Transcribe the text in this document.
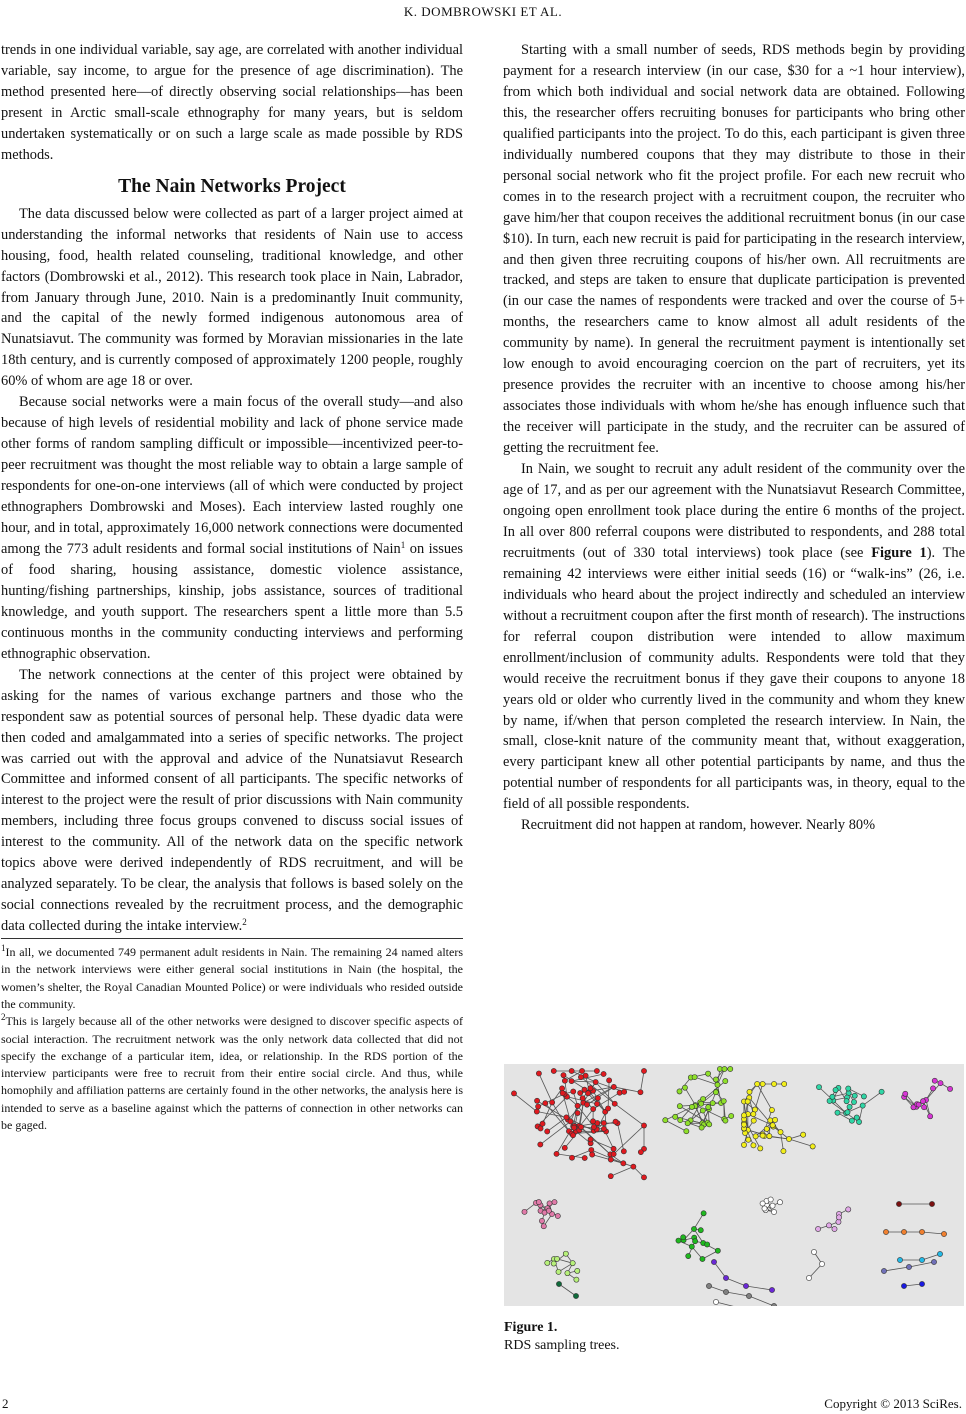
K. DOMBROWSKI ET AL.

trends in one individual variable, say age, are correlated with another individual variable, say income, to argue for the presence of age discrimination). The method presented here—of directly observing social relationships—has been present in Arctic small-scale ethnography for many years, but is seldom undertaken systematically or on such a large scale as made possible by RDS methods.

The Nain Networks Project

The data discussed below were collected as part of a larger project aimed at understanding the informal networks that residents of Nain use to access housing, food, health related counseling, traditional knowledge, and other factors (Dombrowski et al., 2012). This research took place in Nain, Labrador, from January through June, 2010. Nain is a predominantly Inuit community, and the capital of the newly formed indigenous autonomous area of Nunatsiavut. The community was formed by Moravian missionaries in the late 18th century, and is currently composed of approximately 1200 people, roughly 60% of whom are age 18 or over.

Because social networks were a main focus of the overall study—and also because of high levels of residential mobility and lack of phone service made other forms of random sampling difficult or impossible—incentivized peer-to-peer recruitment was thought the most reliable way to obtain a large sample of respondents for one-on-one interviews (all of which were conducted by project ethnographers Dombrowski and Moses). Each interview lasted roughly one hour, and in total, approximately 16,000 network connections were documented among the 773 adult residents and formal social institutions of Nain$^1$ on issues of food sharing, housing assistance, domestic violence assistance, hunting/fishing partnerships, kinship, jobs assistance, sources of traditional knowledge, and youth support. The researchers spent a little more than 5.5 continuous months in the community conducting interviews and performing ethnographic observation.

The network connections at the center of this project were obtained by asking for the names of various exchange partners and those who the respondent saw as potential sources of personal help. These dyadic data were then coded and amalgammated into a series of specific networks. The project was carried out with the approval and advice of the Nunatsiavut Research Committee and informed consent of all participants. The specific networks of interest to the project were the result of prior discussions with Nain community members, including three focus groups convened to discuss social issues of interest to the community. All of the network data on the specific network topics above were derived independently of RDS recruitment, and will be analyzed separately. To be clear, the analysis that follows is based solely on the social connections revealed by the recruitment process, and the demographic data collected during the intake interview.$^2$

$^1$In all, we documented 749 permanent adult residents in Nain. The remaining 24 named alters in the network interviews were either general social institutions in Nain (the hospital, the women’s shelter, the Royal Canadian Mounted Police) or were individuals who resided outside the community.

$^2$This is largely because all of the other networks were designed to discover specific aspects of social interaction. The recruitment network was the only network data collected that did not specify the exchange of a particular item, idea, or relationship. In the RDS portion of the interview participants were free to recruit from their entire social circle. And thus, while homophily and affiliation patterns are certainly found in the other networks, the analysis here is intended to serve as a baseline against which the patterns of connection in other networks can be gaged.

Starting with a small number of seeds, RDS methods begin by providing payment for a research interview (in our case, $30 for a ~1 hour interview), from which both individual and social network data are obtained. Following this, the researcher offers recruiting bonuses for participants who bring other qualified participants into the project. To do this, each participant is given three individually numbered coupons that they may distribute to those in their personal social network who fit the project profile. For each new recruit who comes in to the research project with a recruitment coupon, the recruiter who gave him/her that coupon receives the additional recruitment bonus (in our case $10). In turn, each new recruit is paid for participating in the research interview, and then given three recruiting coupons of his/her own. All recruitments are tracked, and steps are taken to ensure that duplicate participation is prevented (in our case the names of respondents were tracked and over the course of 5+ months, the researchers came to know almost all adult residents of the community by name). In general the recruitment payment is intentionally set low enough to avoid encouraging coercion on the part of recruiters, yet its presence provides the recruiter with an incentive to choose among his/her associates those individuals with whom he/she has enough influence such that the receiver will participate in the study, and the recruiter can be assured of getting the recruitment fee.

In Nain, we sought to recruit any adult resident of the community over the age of 17, and as per our agreement with the Nunatsiavut Research Committee, ongoing open enrollment took place during the entire 6 months of the project. In all over 800 referral coupons were distributed to respondents, and 288 total recruitments (out of 330 total interviews) took place (see Figure 1). The remaining 42 interviews were either initial seeds (16) or “walk-ins” (26, i.e. individuals who heard about the project indirectly and scheduled an interview without a recruitment coupon after the first month of research). The instructions for referral coupon distribution were intended to allow maximum enrollment/inclusion of community adults. Respondents were told that they would receive the recruitment bonus if they gave their coupons to anyone 18 years old or older who currently lived in the community and whom they knew by name, if/when that person completed the research interview. In Nain, the small, close-knit nature of the community meant that, without exaggeration, every participant knew all other potential participants by name, and thus the potential number of respondents for all participants was, in theory, equal to the field of all possible respondents.

Recruitment did not happen at random, however. Nearly 80%

Figure 1.
RDS sampling trees.
2	Copyright © 2013 SciRes.
